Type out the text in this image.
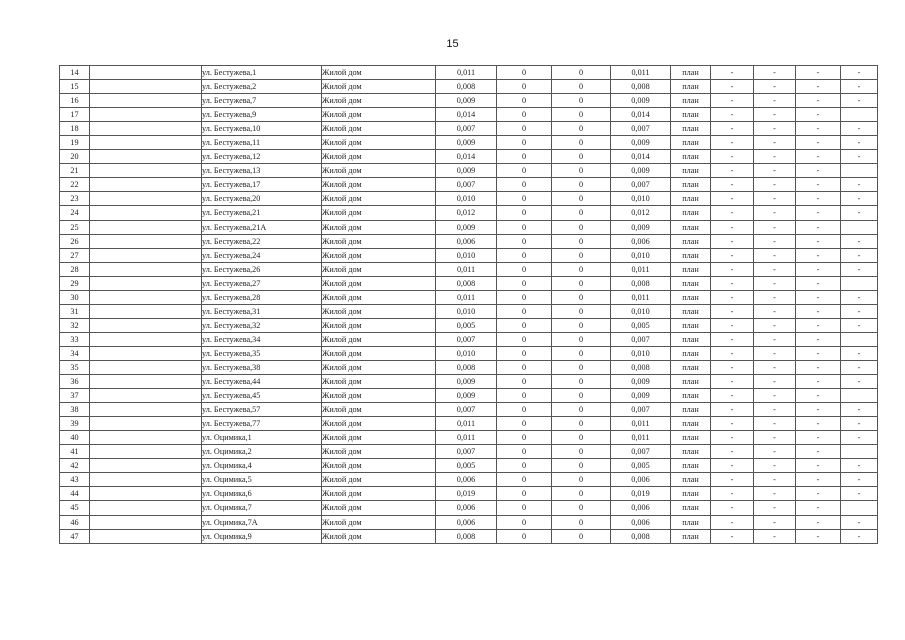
15
14		ул. Бестужева,1	Жилой дом	0,011	0	0	0,011	план	-	-	-	-
15		ул. Бестужева,2	Жилой дом	0,008	0	0	0,008	план	-	-	-	-
16		ул. Бестужева,7	Жилой дом	0,009	0	0	0,009	план	-	-	-	-
17		ул. Бестужева,9	Жилой дом	0,014	0	0	0,014	план	-	-	-	
18		ул. Бестужева,10	Жилой дом	0,007	0	0	0,007	план	-	-	-	-
19		ул. Бестужева,11	Жилой дом	0,009	0	0	0,009	план	-	-	-	-
20		ул. Бестужева,12	Жилой дом	0,014	0	0	0,014	план	-	-	-	-
21		ул. Бестужева,13	Жилой дом	0,009	0	0	0,009	план	-	-	-	
22		ул. Бестужева,17	Жилой дом	0,007	0	0	0,007	план	-	-	-	-
23		ул. Бестужева,20	Жилой дом	0,010	0	0	0,010	план	-	-	-	-
24		ул. Бестужева,21	Жилой дом	0,012	0	0	0,012	план	-	-	-	-
25		ул. Бестужева,21А	Жилой дом	0,009	0	0	0,009	план	-	-	-	
26		ул. Бестужева,22	Жилой дом	0,006	0	0	0,006	план	-	-	-	-
27		ул. Бестужева,24	Жилой дом	0,010	0	0	0,010	план	-	-	-	-
28		ул. Бестужева,26	Жилой дом	0,011	0	0	0,011	план	-	-	-	-
29		ул. Бестужева,27	Жилой дом	0,008	0	0	0,008	план	-	-	-	
30		ул. Бестужева,28	Жилой дом	0,011	0	0	0,011	план	-	-	-	-
31		ул. Бестужева,31	Жилой дом	0,010	0	0	0,010	план	-	-	-	-
32		ул. Бестужева,32	Жилой дом	0,005	0	0	0,005	план	-	-	-	-
33		ул. Бестужева,34	Жилой дом	0,007	0	0	0,007	план	-	-	-	
34		ул. Бестужева,35	Жилой дом	0,010	0	0	0,010	план	-	-	-	-
35		ул. Бестужева,38	Жилой дом	0,008	0	0	0,008	план	-	-	-	-
36		ул. Бестужева,44	Жилой дом	0,009	0	0	0,009	план	-	-	-	-
37		ул. Бестужева,45	Жилой дом	0,009	0	0	0,009	план	-	-	-	
38		ул. Бестужева,57	Жилой дом	0,007	0	0	0,007	план	-	-	-	-
39		ул. Бестужева,77	Жилой дом	0,011	0	0	0,011	план	-	-	-	-
40		ул. Оцимика,1	Жилой дом	0,011	0	0	0,011	план	-	-	-	-
41		ул. Оцимика,2	Жилой дом	0,007	0	0	0,007	план	-	-	-	
42		ул. Оцимика,4	Жилой дом	0,005	0	0	0,005	план	-	-	-	-
43		ул. Оцимика,5	Жилой дом	0,006	0	0	0,006	план	-	-	-	-
44		ул. Оцимика,6	Жилой дом	0,019	0	0	0,019	план	-	-	-	-
45		ул. Оцимика,7	Жилой дом	0,006	0	0	0,006	план	-	-	-	
46		ул. Оцимика,7А	Жилой дом	0,006	0	0	0,006	план	-	-	-	-
47		ул. Оцимика,9	Жилой дом	0,008	0	0	0,008	план	-	-	-	-
